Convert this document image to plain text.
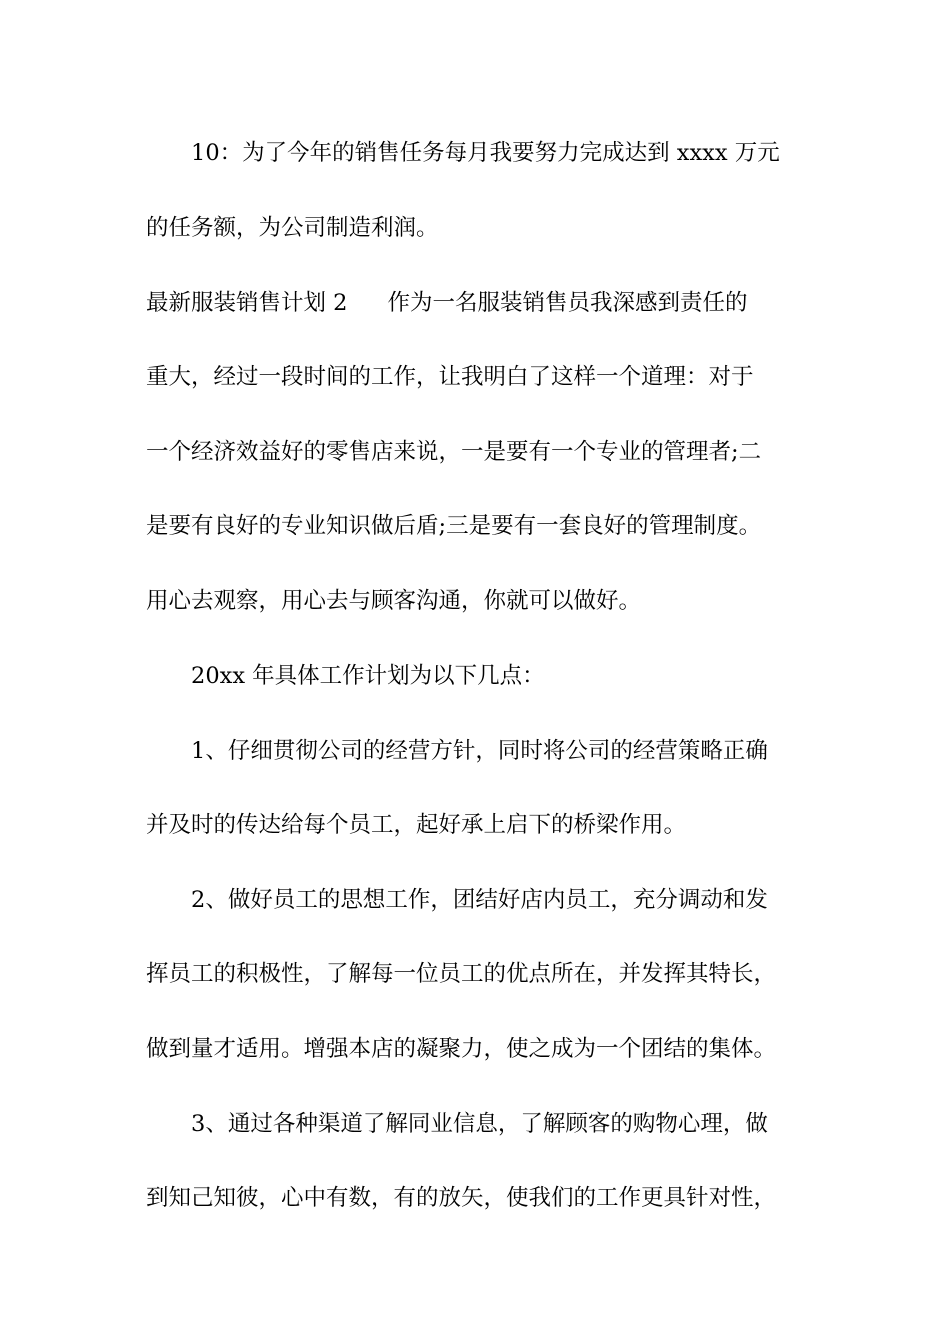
10：为了今年的销售任务每月我要努力完成达到 xxxx 万元
的任务额，为公司制造利润。
最新服装销售计划 2 作为一名服装销售员我深感到责任的
重大，经过一段时间的工作，让我明白了这样一个道理：对于
一个经济效益好的零售店来说，一是要有一个专业的管理者;二
是要有良好的专业知识做后盾;三是要有一套良好的管理制度。
用心去观察，用心去与顾客沟通，你就可以做好。
20xx 年具体工作计划为以下几点：
1、仔细贯彻公司的经营方针，同时将公司的经营策略正确
并及时的传达给每个员工，起好承上启下的桥梁作用。
2、做好员工的思想工作，团结好店内员工，充分调动和发
挥员工的积极性，了解每一位员工的优点所在，并发挥其特长，
做到量才适用。增强本店的凝聚力，使之成为一个团结的集体。
3、通过各种渠道了解同业信息，了解顾客的购物心理，做
到知己知彼，心中有数，有的放矢，使我们的工作更具针对性，
